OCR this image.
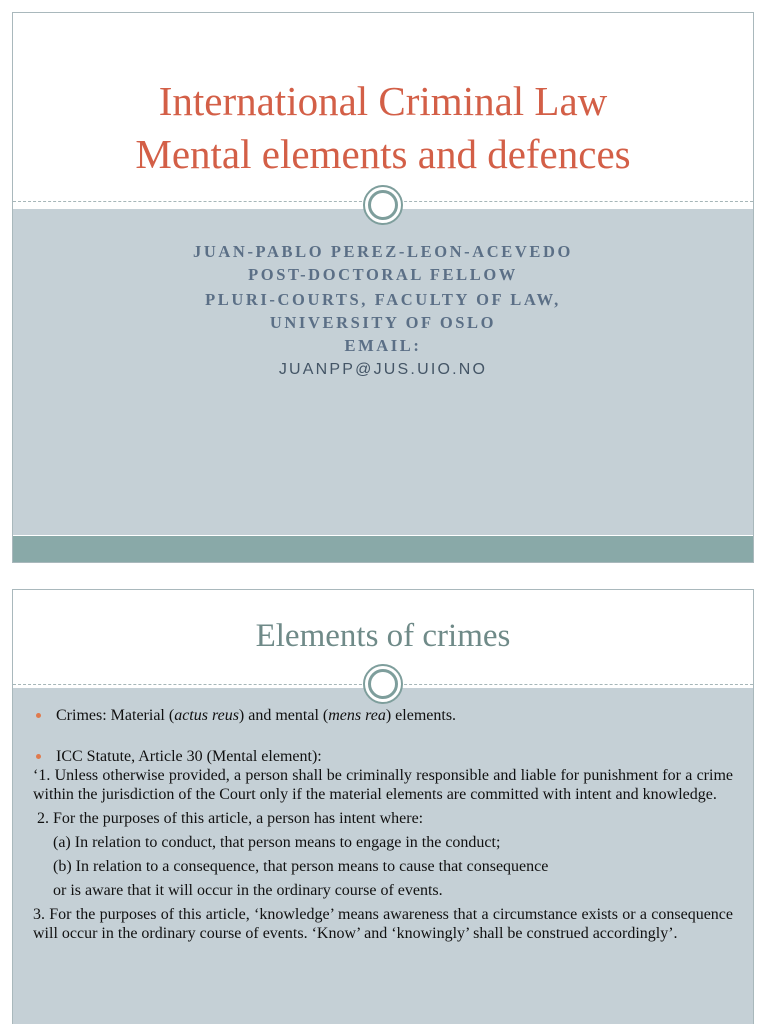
International Criminal Law
Mental elements and defences
JUAN-PABLO PEREZ-LEON-ACEVEDO
POST-DOCTORAL FELLOW
PLURI-COURTS, FACULTY OF LAW,
UNIVERSITY OF OSLO
EMAIL:
JUANPP@JUS.UIO.NO
Elements of crimes
Crimes: Material (actus reus) and mental (mens rea) elements.
ICC Statute, Article 30 (Mental element):
‘1. Unless otherwise provided, a person shall be criminally responsible and liable for punishment for a crime within the jurisdiction of the Court only if the material elements are committed with intent and knowledge.
2. For the purposes of this article, a person has intent where:
(a) In relation to conduct, that person means to engage in the conduct;
(b) In relation to a consequence, that person means to cause that consequence
or is aware that it will occur in the ordinary course of events.
3. For the purposes of this article, ‘knowledge’ means awareness that a circumstance exists or a consequence will occur in the ordinary course of events. ‘Know’ and ‘knowingly’ shall be construed accordingly’.
